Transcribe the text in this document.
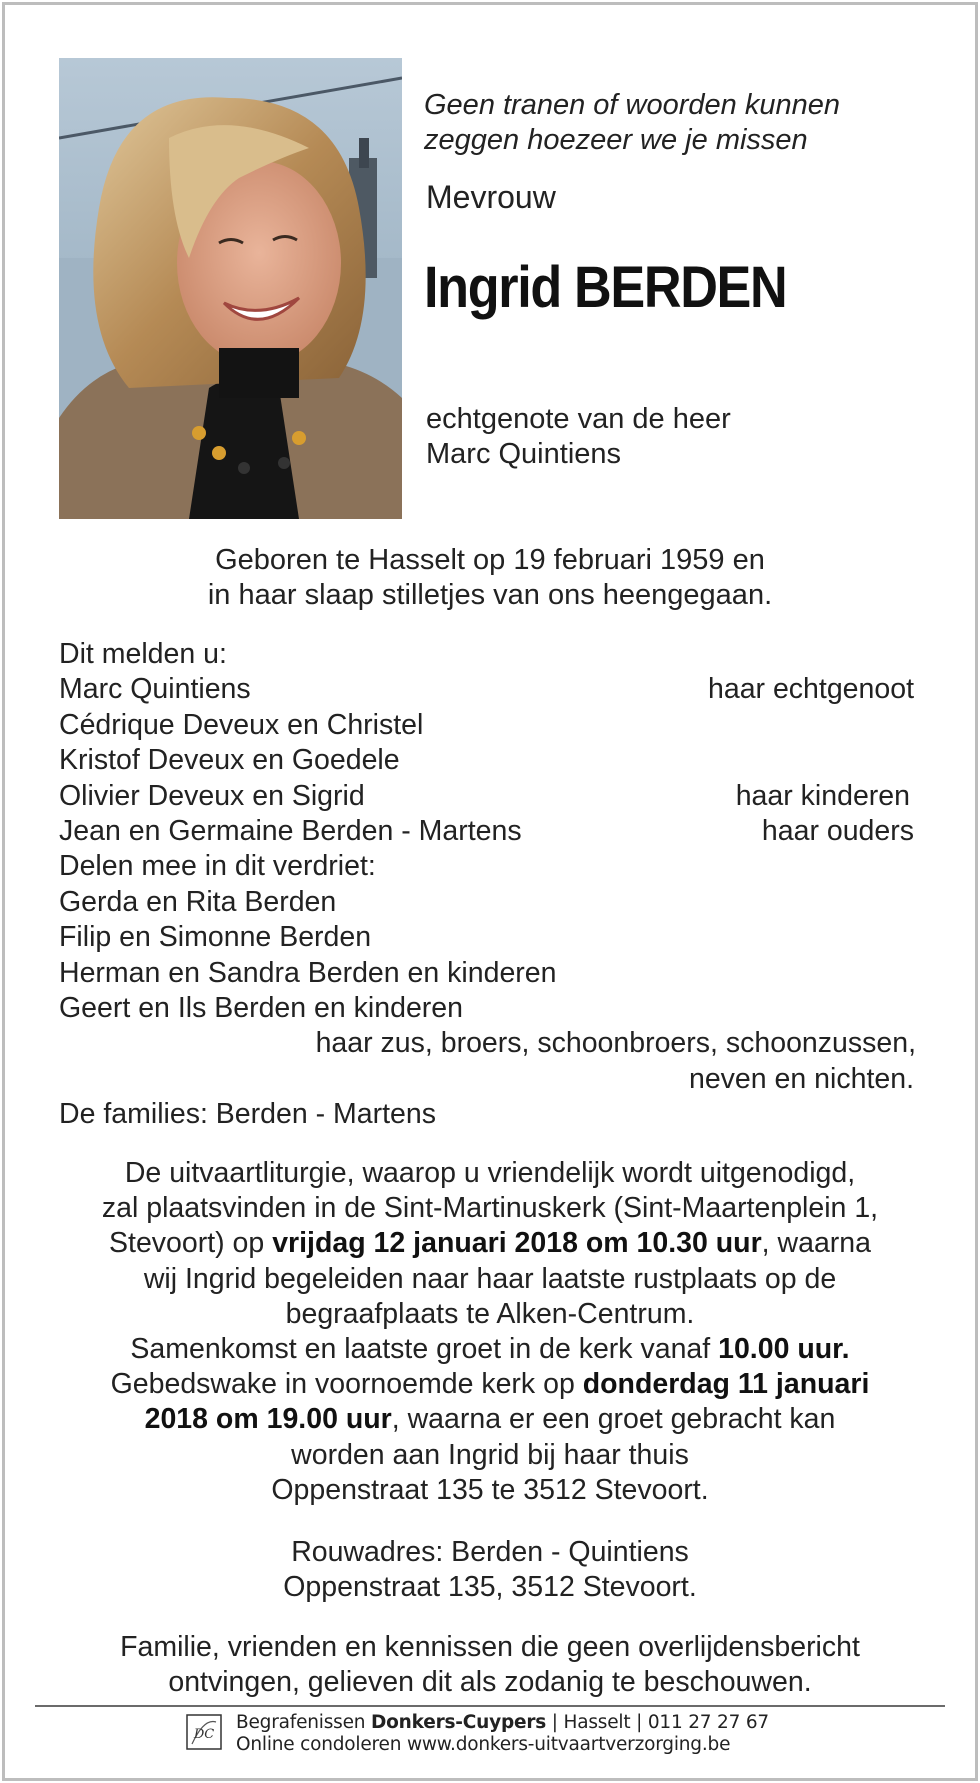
Geen tranen of woorden kunnen
zeggen hoezeer we je missen
Mevrouw
Ingrid BERDEN
echtgenote van de heer
Marc Quintiens
Geboren te Hasselt op 19 februari 1959 en
in haar slaap stilletjes van ons heengegaan.
Dit melden u:
Marc Quintiens	haar echtgenoot
Cédrique Deveux en Christel
Kristof Deveux en Goedele
Olivier Deveux en Sigrid	haar kinderen
Jean en Germaine Berden - Martens	haar ouders
Delen mee in dit verdriet:
Gerda en Rita Berden
Filip en Simonne Berden
Herman en Sandra Berden en kinderen
Geert en Ils Berden en kinderen
haar zus, broers, schoonbroers, schoonzussen,
neven en nichten.
De families: Berden - Martens
De uitvaartliturgie, waarop u vriendelijk wordt uitgenodigd,
zal plaatsvinden in de Sint-Martinuskerk (Sint-Maartenplein 1,
Stevoort) op vrijdag 12 januari 2018 om 10.30 uur, waarna
wij Ingrid begeleiden naar haar laatste rustplaats op de
begraafplaats te Alken-Centrum.
Samenkomst en laatste groet in de kerk vanaf 10.00 uur.
Gebedswake in voornoemde kerk op donderdag 11 januari
2018 om 19.00 uur, waarna er een groet gebracht kan
worden aan Ingrid bij haar thuis
Oppenstraat 135 te 3512 Stevoort.
Rouwadres: Berden - Quintiens
Oppenstraat 135, 3512 Stevoort.
Familie, vrienden en kennissen die geen overlijdensbericht
ontvingen, gelieven dit als zodanig te beschouwen.
DC
Begrafenissen Donkers-Cuypers | Hasselt | 011 27 27 67
Online condoleren www.donkers-uitvaartverzorging.be
